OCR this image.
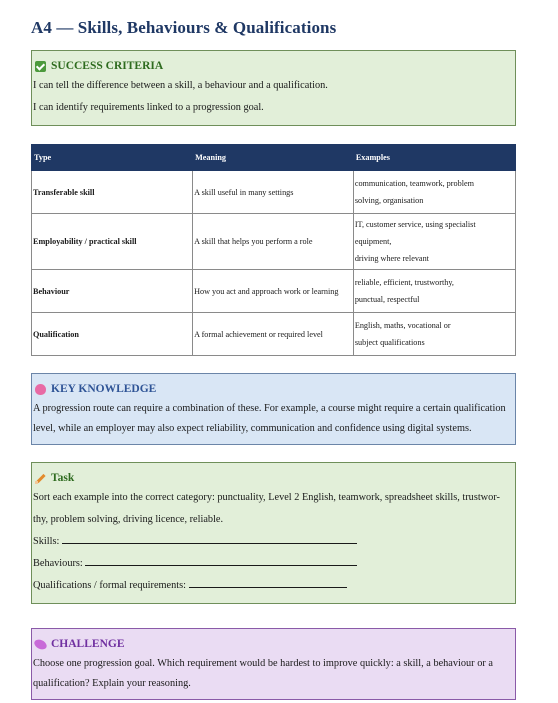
A4 — Skills, Behaviours & Qualifications
SUCCESS CRITERIA

I can tell the difference between a skill, a behaviour and a qualification.

I can identify requirements linked to a progression goal.

Type	Meaning	Examples
Transferable skill	A skill useful in many settings	communication, teamwork, problem
solving, organisation
Employability / practical skill	A skill that helps you perform a role	IT, customer service, using specialist equipment,
driving where relevant
Behaviour	How you act and approach work or learning	reliable, efficient, trustworthy,
punctual, respectful
Qualification	A formal achievement or required level	English, maths, vocational or
subject qualifications
KEY KNOWLEDGE

A progression route can require a combination of these. For example, a course might require a certain qualification

level, while an employer may also expect reliability, communication and confidence using digital systems.

Task

Sort each example into the correct category: punctuality, Level 2 English, teamwork, spreadsheet skills, trustwor-

thy, problem solving, driving licence, reliable.

Skills:

Behaviours:

Qualifications / formal requirements:

CHALLENGE

Choose one progression goal. Which requirement would be hardest to improve quickly: a skill, a behaviour or a

qualification? Explain your reasoning.
